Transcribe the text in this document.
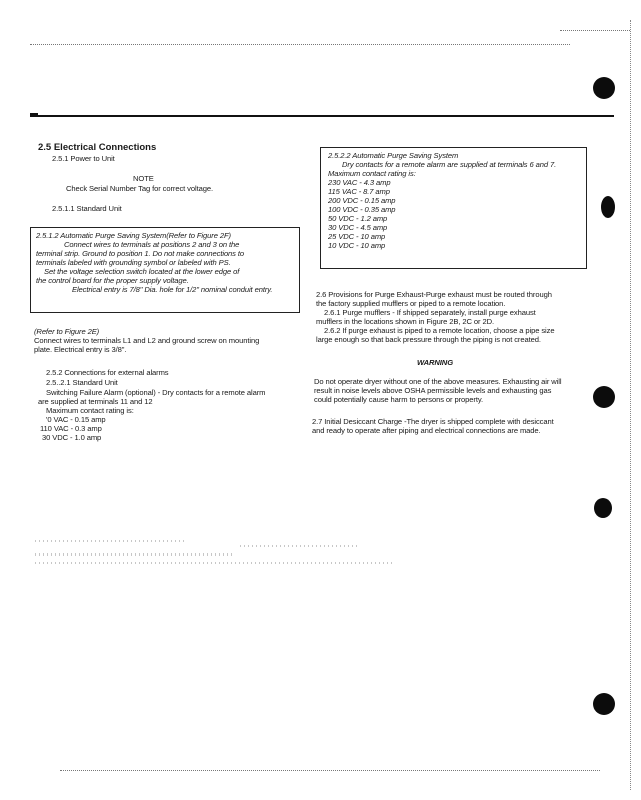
2.5 Electrical Connections
2.5.1 Power to Unit
NOTE
Check Serial Number Tag for correct voltage.
2.5.1.1 Standard Unit
2.5.1.2 Automatic Purge Saving System(Refer to Figure 2F)
Connect wires to terminals at positions 2 and 3 on the
terminal strip. Ground to position 1. Do not make connections to
terminals labeled with grounding symbol or labeled with PS.
Set the voltage selection switch located at the lower edge of
the control board for the proper supply voltage.
Electrical entry is 7/8" Dia. hole for 1/2" nominal conduit entry.
(Refer to Figure 2E)
Connect wires to terminals L1 and L2 and ground screw on mounting
plate. Electrical entry is 3/8".
2.5.2 Connections for external alarms
2.5..2.1 Standard Unit
Switching Failure Alarm (optional) - Dry contacts for a remote alarm
are supplied at terminals 11 and 12
Maximum contact rating is:
'0 VAC - 0.15 amp
110 VAC - 0.3 amp
30 VDC - 1.0 amp
2.5.2.2 Automatic Purge Saving System
Dry contacts for a remote alarm are supplied at terminals 6 and 7.
Maximum contact rating is:
230 VAC - 4.3 amp
115 VAC - 8.7 amp
200 VDC - 0.15 amp
100 VDC - 0.35 amp
50 VDC - 1.2 amp
30 VDC - 4.5 amp
25 VDC - 10 amp
10 VDC - 10 amp
2.6 Provisions for Purge Exhaust-Purge exhaust must be routed through
the factory supplied mufflers or piped to a remote location.
2.6.1 Purge mufflers - If shipped separately, install purge exhaust
mufflers in the locations shown in Figure 2B, 2C or 2D.
2.6.2 If purge exhaust is piped to a remote location, choose a pipe size
large enough so that back pressure through the piping is not created.
WARNING
Do not operate dryer without one of the above measures. Exhausting air will
result in noise levels above OSHA permissible levels and exhausting gas
could potentially cause harm to persons or property.
2.7 Initial Desiccant Charge -The dryer is shipped complete with desiccant
and ready to operate after piping and electrical connections are made.
